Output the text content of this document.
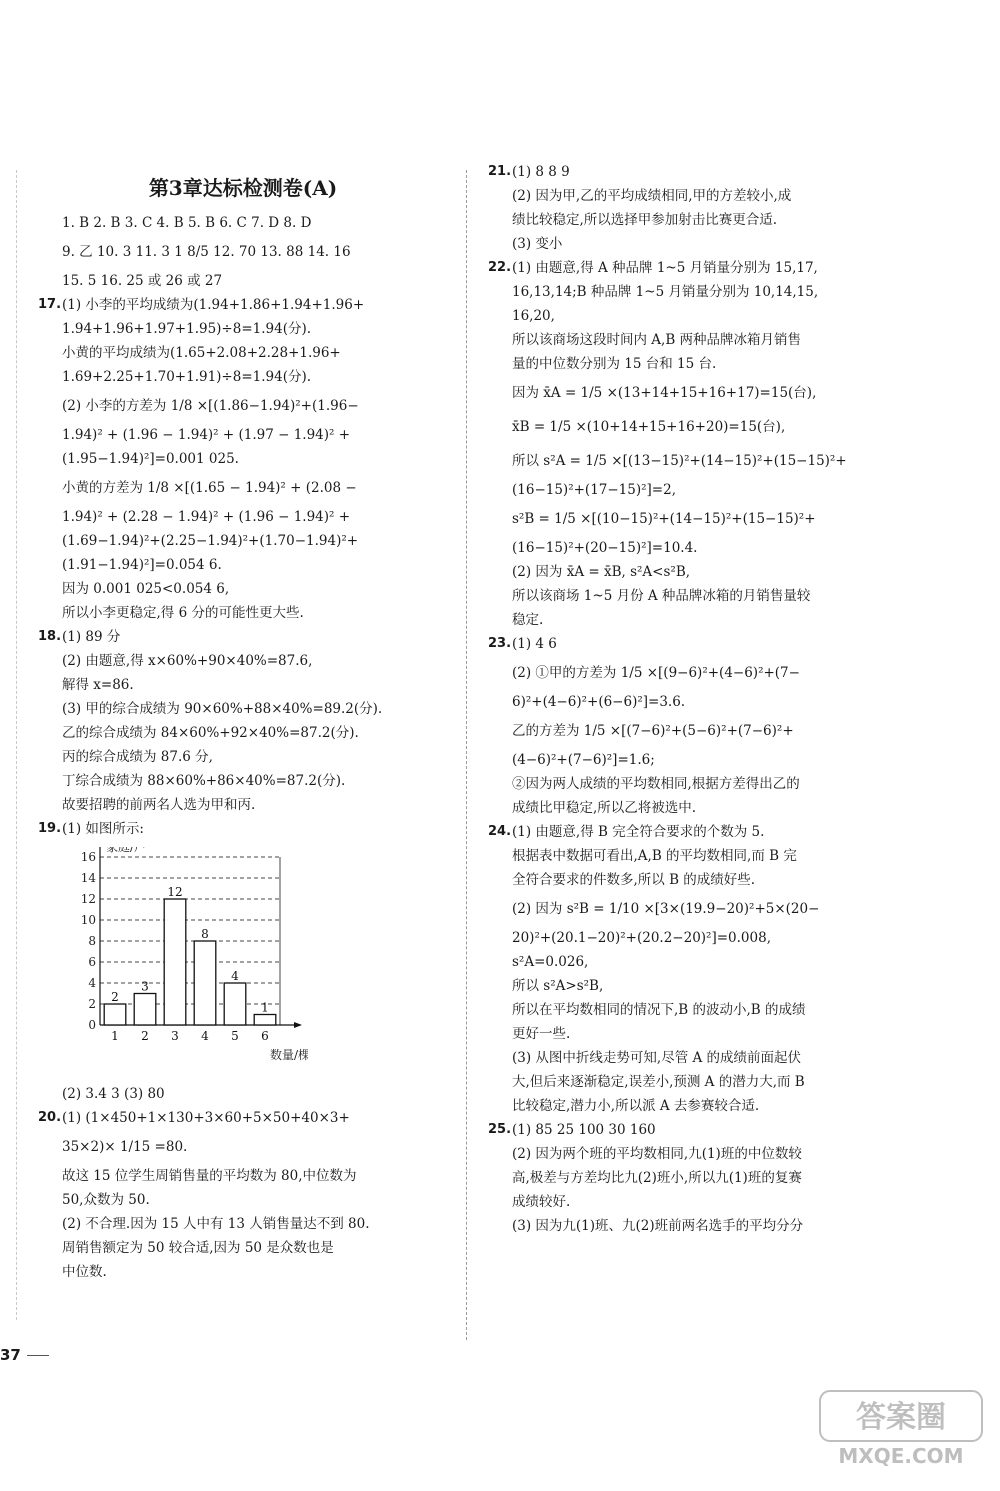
第3章达标检测卷(A)
1. B 2. B 3. C 4. B 5. B 6. C 7. D 8. D
9. 乙 10. 3 11. 3 1 8/5 12. 70 13. 88 14. 16
15. 5 16. 25 或 26 或 27
17. (1) 小李的平均成绩为(1.94+1.86+1.94+1.96+
1.94+1.96+1.97+1.95)÷8=1.94(分).
小黄的平均成绩为(1.65+2.08+2.28+1.96+
1.69+2.25+1.70+1.91)÷8=1.94(分).
(2) 小李的方差为 1/8 ×[(1.86−1.94)²+(1.96−
1.94)² + (1.96 − 1.94)² + (1.97 − 1.94)² +
(1.95−1.94)²]=0.001 025.
小黄的方差为 1/8 ×[(1.65 − 1.94)² + (2.08 −
1.94)² + (2.28 − 1.94)² + (1.96 − 1.94)² +
(1.69−1.94)²+(2.25−1.94)²+(1.70−1.94)²+
(1.91−1.94)²]=0.054 6.
因为 0.001 025<0.054 6,
所以小李更稳定,得 6 分的可能性更大些.
18. (1) 89 分
(2) 由题意,得 x×60%+90×40%=87.6,
解得 x=86.
(3) 甲的综合成绩为 90×60%+88×40%=89.2(分).
乙的综合成绩为 84×60%+92×40%=87.2(分).
丙的综合成绩为 87.6 分,
丁综合成绩为 88×60%+86×40%=87.2(分).
故要招聘的前两名人选为甲和丙.
19. (1) 如图所示:
0
2
4
6
8
10
12
14
16
家庭/户
数量/棵
2
1
3
2
12
3
8
4
4
5
1
6
(2) 3.4 3 (3) 80
20. (1) (1×450+1×130+3×60+5×50+40×3+
35×2)× 1/15 =80.
故这 15 位学生周销售量的平均数为 80,中位数为
50,众数为 50.
(2) 不合理.因为 15 人中有 13 人销售量达不到 80.
周销售额定为 50 较合适,因为 50 是众数也是
中位数.
21. (1) 8 8 9
(2) 因为甲,乙的平均成绩相同,甲的方差较小,成
绩比较稳定,所以选择甲参加射击比赛更合适.
(3) 变小
22. (1) 由题意,得 A 种品牌 1~5 月销量分别为 15,17,
16,13,14;B 种品牌 1~5 月销量分别为 10,14,15,
16,20,
所以该商场这段时间内 A,B 两种品牌冰箱月销售
量的中位数分别为 15 台和 15 台.
因为 x̄A = 1/5 ×(13+14+15+16+17)=15(台),
x̄B = 1/5 ×(10+14+15+16+20)=15(台),
所以 s²A = 1/5 ×[(13−15)²+(14−15)²+(15−15)²+
(16−15)²+(17−15)²]=2,
s²B = 1/5 ×[(10−15)²+(14−15)²+(15−15)²+
(16−15)²+(20−15)²]=10.4.
(2) 因为 x̄A = x̄B, s²A<s²B,
所以该商场 1~5 月份 A 种品牌冰箱的月销售量较
稳定.
23. (1) 4 6
(2) ①甲的方差为 1/5 ×[(9−6)²+(4−6)²+(7−
6)²+(4−6)²+(6−6)²]=3.6.
乙的方差为 1/5 ×[(7−6)²+(5−6)²+(7−6)²+
(4−6)²+(7−6)²]=1.6;
②因为两人成绩的平均数相同,根据方差得出乙的
成绩比甲稳定,所以乙将被选中.
24. (1) 由题意,得 B 完全符合要求的个数为 5.
根据表中数据可看出,A,B 的平均数相同,而 B 完
全符合要求的件数多,所以 B 的成绩好些.
(2) 因为 s²B = 1/10 ×[3×(19.9−20)²+5×(20−
20)²+(20.1−20)²+(20.2−20)²]=0.008,
s²A=0.026,
所以 s²A>s²B,
所以在平均数相同的情况下,B 的波动小,B 的成绩
更好一些.
(3) 从图中折线走势可知,尽管 A 的成绩前面起伏
大,但后来逐渐稳定,误差小,预测 A 的潜力大,而 B
比较稳定,潜力小,所以派 A 去参赛较合适.
25. (1) 85 25 100 30 160
(2) 因为两个班的平均数相同,九(1)班的中位数较
高,极差与方差均比九(2)班小,所以九(1)班的复赛
成绩较好.
(3) 因为九(1)班、九(2)班前两名选手的平均分分
37
答案圈
MXQE.COM
